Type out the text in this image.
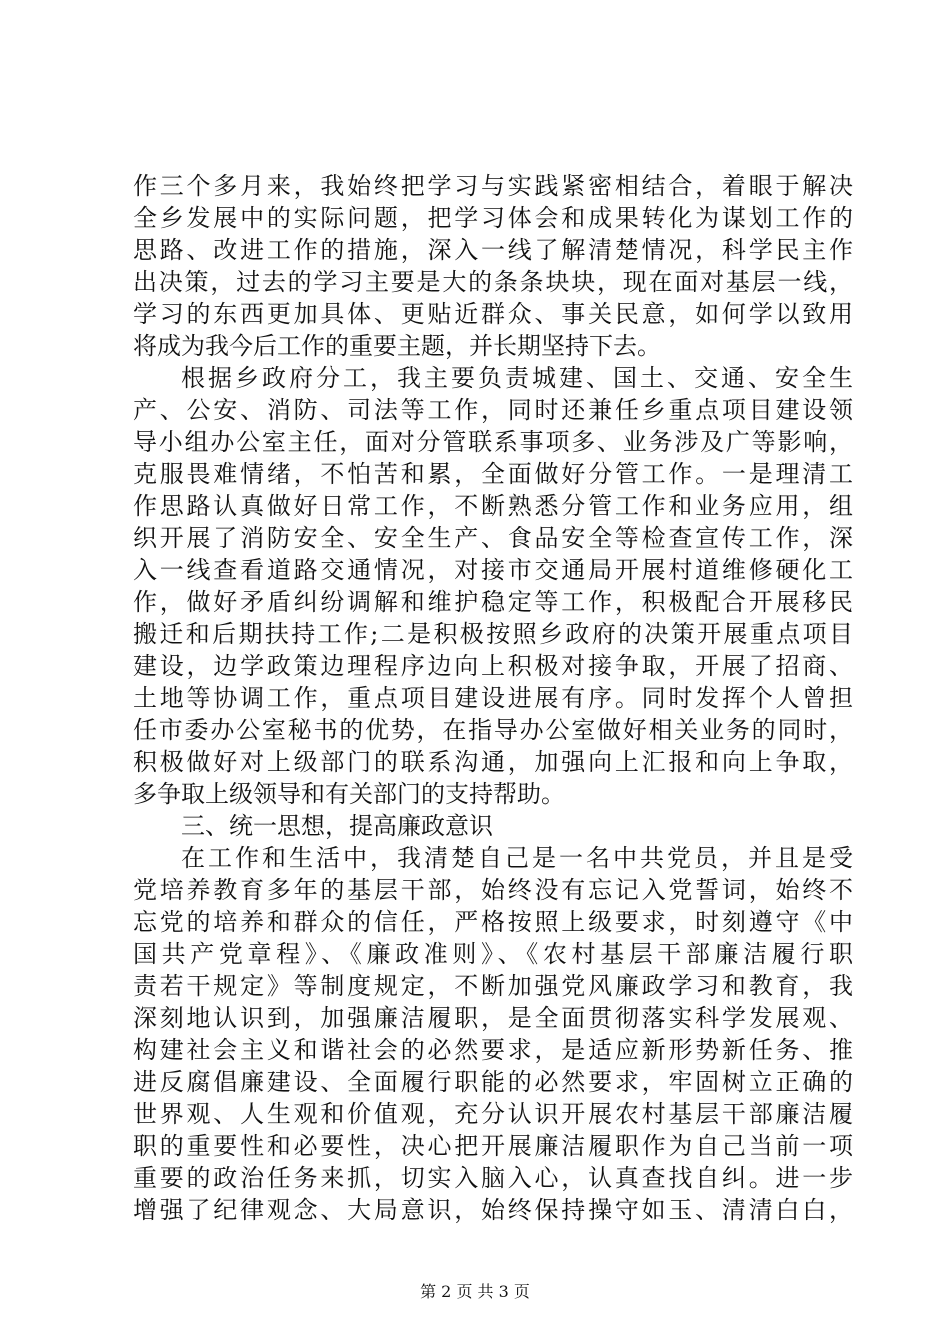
作三个多月来，我始终把学习与实践紧密相结合，着眼于解决
全乡发展中的实际问题，把学习体会和成果转化为谋划工作的
思路、改进工作的措施，深入一线了解清楚情况，科学民主作
出决策，过去的学习主要是大的条条块块，现在面对基层一线，
学习的东西更加具体、更贴近群众、事关民意，如何学以致用
将成为我今后工作的重要主题，并长期坚持下去。
根据乡政府分工，我主要负责城建、国土、交通、安全生
产、公安、消防、司法等工作，同时还兼任乡重点项目建设领
导小组办公室主任，面对分管联系事项多、业务涉及广等影响，
克服畏难情绪，不怕苦和累，全面做好分管工作。一是理清工
作思路认真做好日常工作，不断熟悉分管工作和业务应用，组
织开展了消防安全、安全生产、食品安全等检查宣传工作，深
入一线查看道路交通情况，对接市交通局开展村道维修硬化工
作，做好矛盾纠纷调解和维护稳定等工作，积极配合开展移民
搬迁和后期扶持工作;二是积极按照乡政府的决策开展重点项目
建设，边学政策边理程序边向上积极对接争取，开展了招商、
土地等协调工作，重点项目建设进展有序。同时发挥个人曾担
任市委办公室秘书的优势，在指导办公室做好相关业务的同时，
积极做好对上级部门的联系沟通，加强向上汇报和向上争取，
多争取上级领导和有关部门的支持帮助。
三、统一思想，提高廉政意识
在工作和生活中，我清楚自己是一名中共党员，并且是受
党培养教育多年的基层干部，始终没有忘记入党誓词，始终不
忘党的培养和群众的信任，严格按照上级要求，时刻遵守《中
国共产党章程》、《廉政准则》、《农村基层干部廉洁履行职
责若干规定》等制度规定，不断加强党风廉政学习和教育，我
深刻地认识到，加强廉洁履职，是全面贯彻落实科学发展观、
构建社会主义和谐社会的必然要求，是适应新形势新任务、推
进反腐倡廉建设、全面履行职能的必然要求，牢固树立正确的
世界观、人生观和价值观，充分认识开展农村基层干部廉洁履
职的重要性和必要性，决心把开展廉洁履职作为自己当前一项
重要的政治任务来抓，切实入脑入心，认真查找自纠。进一步
增强了纪律观念、大局意识，始终保持操守如玉、清清白白，
第 2 页 共 3 页
